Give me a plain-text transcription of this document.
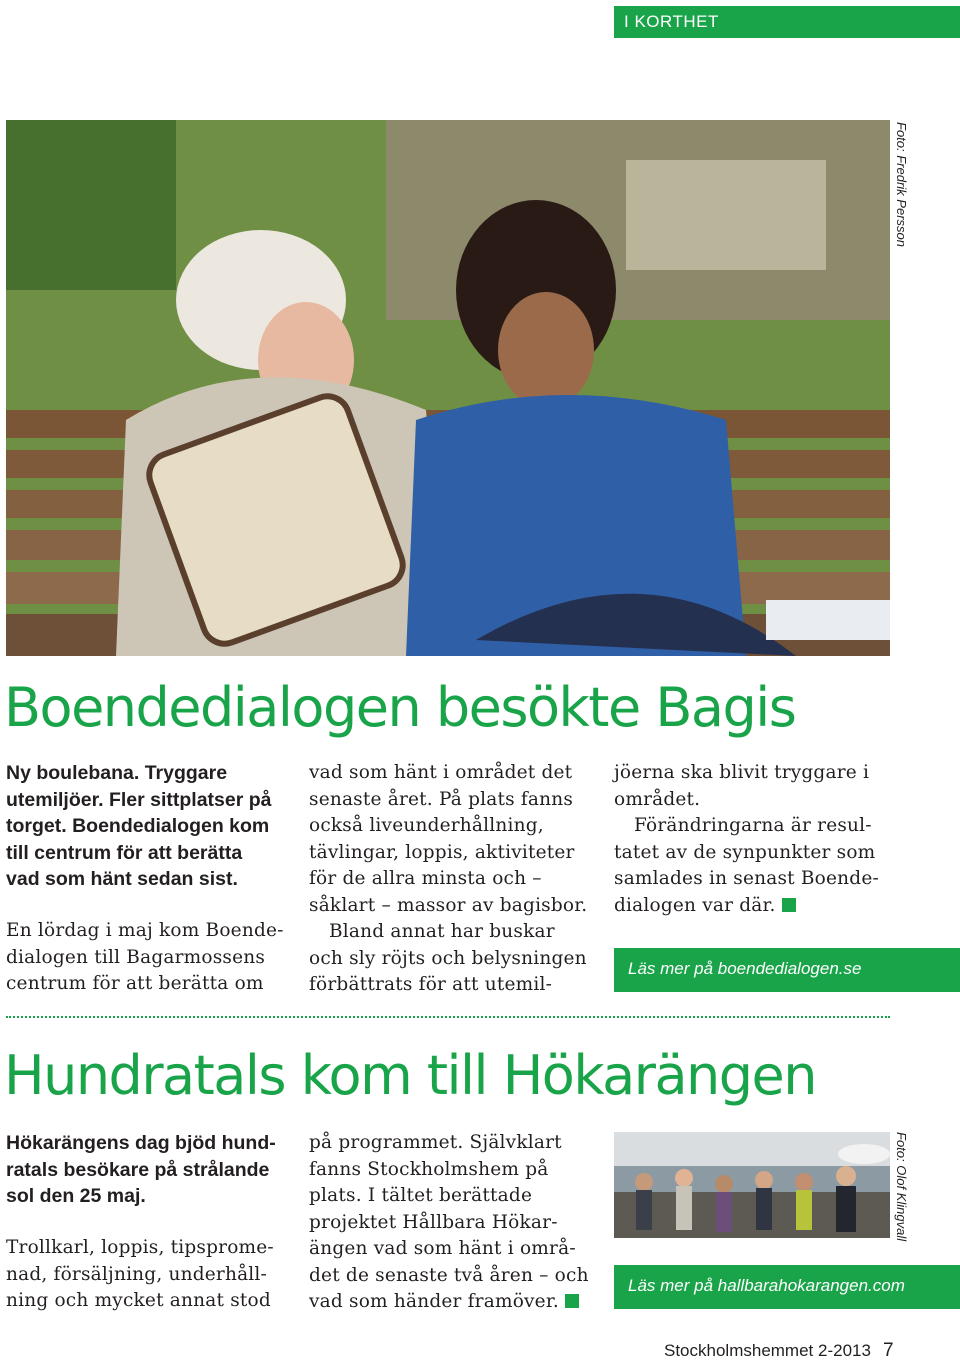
I KORTHET
Foto: Fredrik Persson
Boendedialogen besökte Bagis

Ny boulebana. Tryggare
utemiljöer. Fler sittplatser på
torget. Boendedialogen kom
till centrum för att berätta
vad som hänt sedan sist.

En lördag i maj kom Boende-
dialogen till Bagarmossens
centrum för att berätta om

vad som hänt i området det
senaste året. På plats fanns
också liveunderhållning,
tävlingar, loppis, aktiviteter
för de allra minsta och –
såklart – massor av bagisbor.
Bland annat har buskar
och sly röjts och belysningen
förbättrats för att utemil-

jöerna ska blivit tryggare i
området.
Förändringarna är resul-
tatet av de synpunkter som
samlades in senast Boende-
dialogen var där.

Läs mer på boendedialogen.se
Hundratals kom till Hökarängen

Hökarängens dag bjöd hund-
ratals besökare på strålande
sol den 25 maj.

Trollkarl, loppis, tipsprome-
nad, försäljning, underhåll-
ning och mycket annat stod

på programmet. Självklart
fanns Stockholmshem på
plats. I tältet berättade
projektet Hållbara Hökar-
ängen vad som hänt i områ-
det de senaste två åren – och
vad som händer framöver.

Foto: Olof Klingvall
Läs mer på hallbarahokarangen.com
Stockholmshemmet 2-2013 7
